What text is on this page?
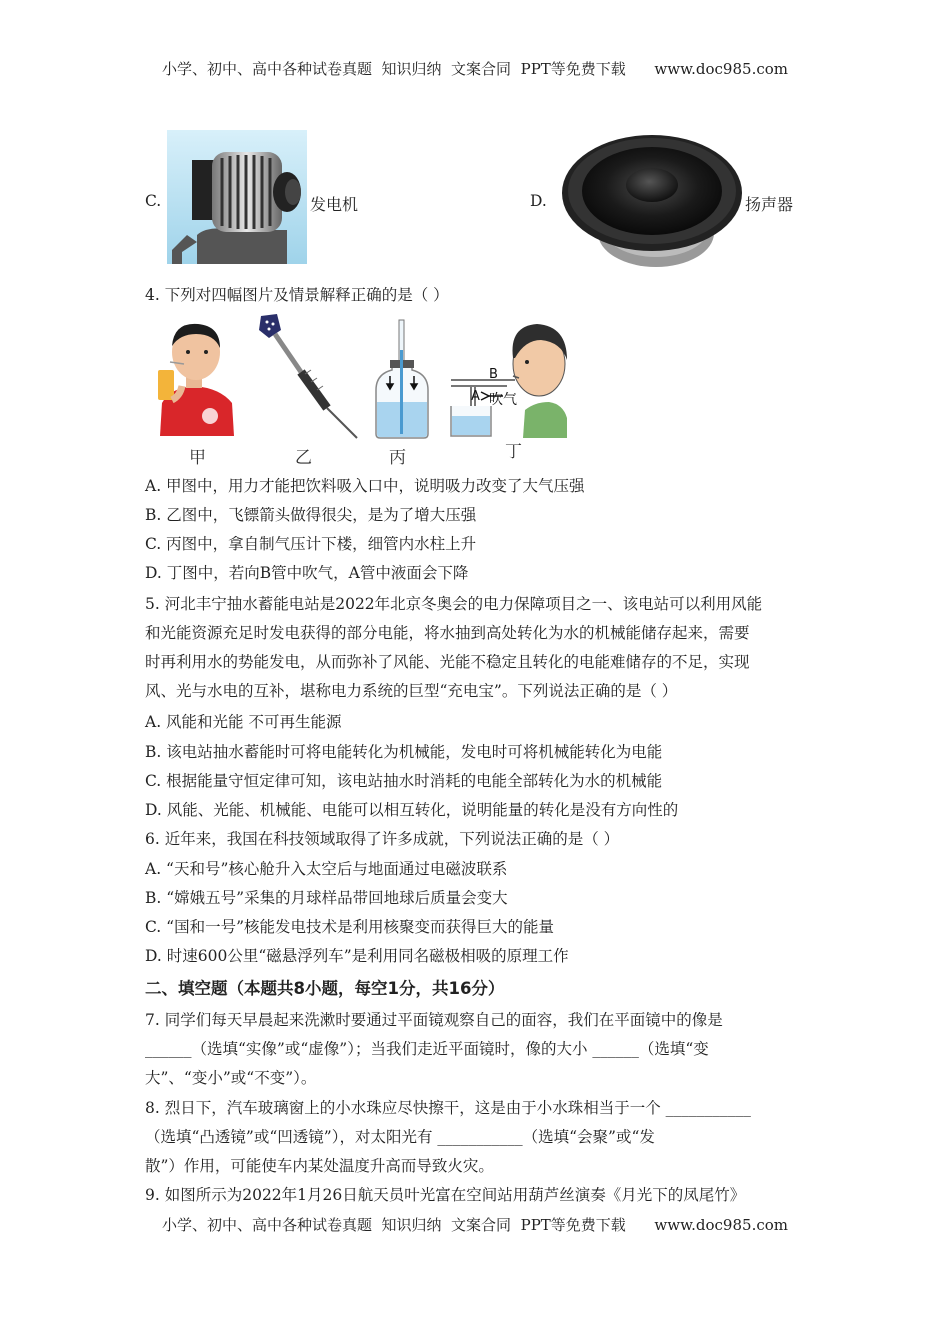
小学、初中、高中各种试卷真题  知识归纳  文案合同  PPT等免费下载      www.doc985.com
C.	发电机	D.	扬声器
4. 下列对四幅图片及情景解释正确的是（ ）
甲	乙	丙
B
A 吹气
丁
A. 甲图中，用力才能把饮料吸入口中，说明吸力改变了大气压强
B. 乙图中，飞镖箭头做得很尖，是为了增大压强
C. 丙图中，拿自制气压计下楼，细管内水柱上升
D. 丁图中，若向B管中吹气，A管中液面会下降
5. 河北丰宁抽水蓄能电站是2022年北京冬奥会的电力保障项目之一、该电站可以利用风能
和光能资源充足时发电获得的部分电能，将水抽到高处转化为水的机械能储存起来，需要
时再利用水的势能发电，从而弥补了风能、光能不稳定且转化的电能难储存的不足，实现
风、光与水电的互补，堪称电力系统的巨型“充电宝”。下列说法正确的是（ ）
A. 风能和光能 不可再生能源
B. 该电站抽水蓄能时可将电能转化为机械能，发电时可将机械能转化为电能
C. 根据能量守恒定律可知，该电站抽水时消耗的电能全部转化为水的机械能
D. 风能、光能、机械能、电能可以相互转化，说明能量的转化是没有方向性的
6. 近年来，我国在科技领域取得了许多成就，下列说法正确的是（ ）
A. “天和号”核心舱升入太空后与地面通过电磁波联系
B. “嫦娥五号”采集的月球样品带回地球后质量会变大
C. “国和一号”核能发电技术是利用核聚变而获得巨大的能量
D. 时速600公里“磁悬浮列车”是利用同名磁极相吸的原理工作
二、填空题（本题共8小题，每空1分，共16分）
7. 同学们每天早晨起来洗漱时要通过平面镜观察自己的面容，我们在平面镜中的像是
______（选填“实像”或“虚像”）；当我们走近平面镜时，像的大小 ______（选填“变
大”、“变小”或“不变”）。
8. 烈日下，汽车玻璃窗上的小水珠应尽快擦干，这是由于小水珠相当于一个 ___________
（选填“凸透镜”或“凹透镜”），对太阳光有 ___________（选填“会聚”或“发
散”）作用，可能使车内某处温度升高而导致火灾。
9. 如图所示为2022年1月26日航天员叶光富在空间站用葫芦丝演奏《月光下的凤尾竹》
小学、初中、高中各种试卷真题  知识归纳  文案合同  PPT等免费下载      www.doc985.com
